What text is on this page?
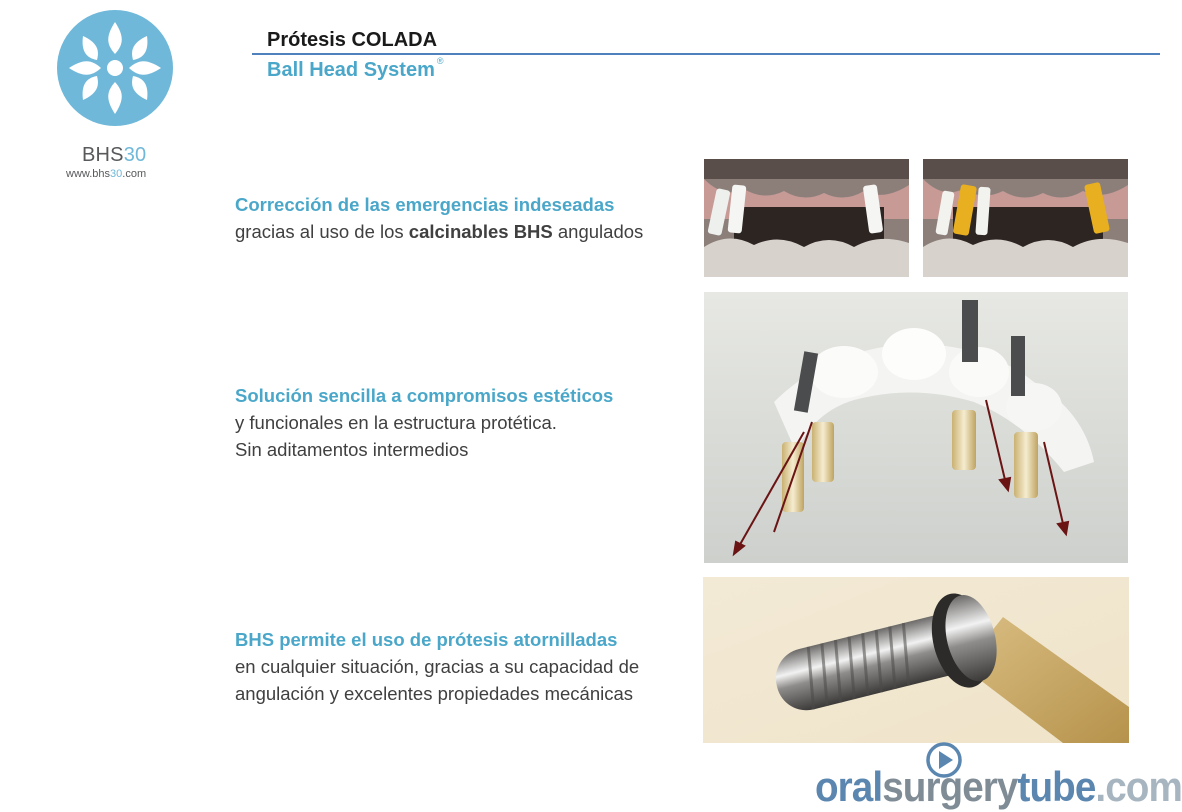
BHS30
www.bhs30.com
Prótesis COLADA
Ball Head System ®
Corrección de las emergencias indeseadas
gracias al uso de los calcinables BHS angulados
Solución sencilla a compromisos estéticos
y funcionales en la estructura protética.
Sin aditamentos intermedios
BHS permite el uso de prótesis atornilladas
en cualquier situación, gracias a su capacidad de
angulación y excelentes propiedades mecánicas
oralsurgerytube.com
